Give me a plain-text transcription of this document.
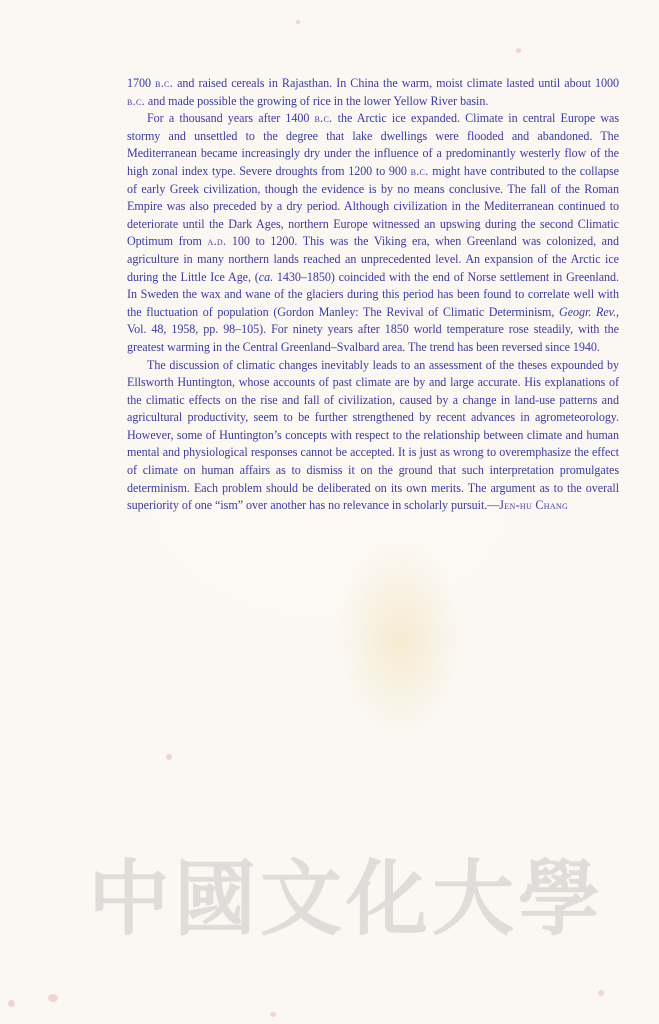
1700 b.c. and raised cereals in Rajasthan. In China the warm, moist climate lasted until about 1000 b.c. and made possible the growing of rice in the lower Yellow River basin.

For a thousand years after 1400 b.c. the Arctic ice expanded. Climate in central Europe was stormy and unsettled to the degree that lake dwellings were flooded and abandoned. The Mediterranean became increasingly dry under the influence of a predominantly westerly flow of the high zonal index type. Severe droughts from 1200 to 900 b.c. might have contributed to the collapse of early Greek civilization, though the evidence is by no means conclusive. The fall of the Roman Empire was also preceded by a dry period. Although civilization in the Mediterranean continued to deteriorate until the Dark Ages, northern Europe witnessed an upswing during the second Climatic Optimum from a.d. 100 to 1200. This was the Viking era, when Greenland was colonized, and agriculture in many northern lands reached an unprecedented level. An expansion of the Arctic ice during the Little Ice Age, (ca. 1430–1850) coincided with the end of Norse settlement in Greenland. In Sweden the wax and wane of the glaciers during this period has been found to correlate well with the fluctuation of population (Gordon Manley: The Revival of Climatic Determinism, Geogr. Rev., Vol. 48, 1958, pp. 98–105). For ninety years after 1850 world temperature rose steadily, with the greatest warming in the Central Greenland–Svalbard area. The trend has been reversed since 1940.

The discussion of climatic changes inevitably leads to an assessment of the theses expounded by Ellsworth Huntington, whose accounts of past climate are by and large accurate. His explanations of the climatic effects on the rise and fall of civilization, caused by a change in land-use patterns and agricultural productivity, seem to be further strengthened by recent advances in agrometeorology. However, some of Huntington’s concepts with respect to the relationship between climate and human mental and physiological responses cannot be accepted. It is just as wrong to overemphasize the effect of climate on human affairs as to dismiss it on the ground that such interpretation promulgates determinism. Each problem should be deliberated on its own merits. The argument as to the overall superiority of one “ism” over another has no relevance in scholarly pursuit.—Jen-hu Chang

中國文化大學
